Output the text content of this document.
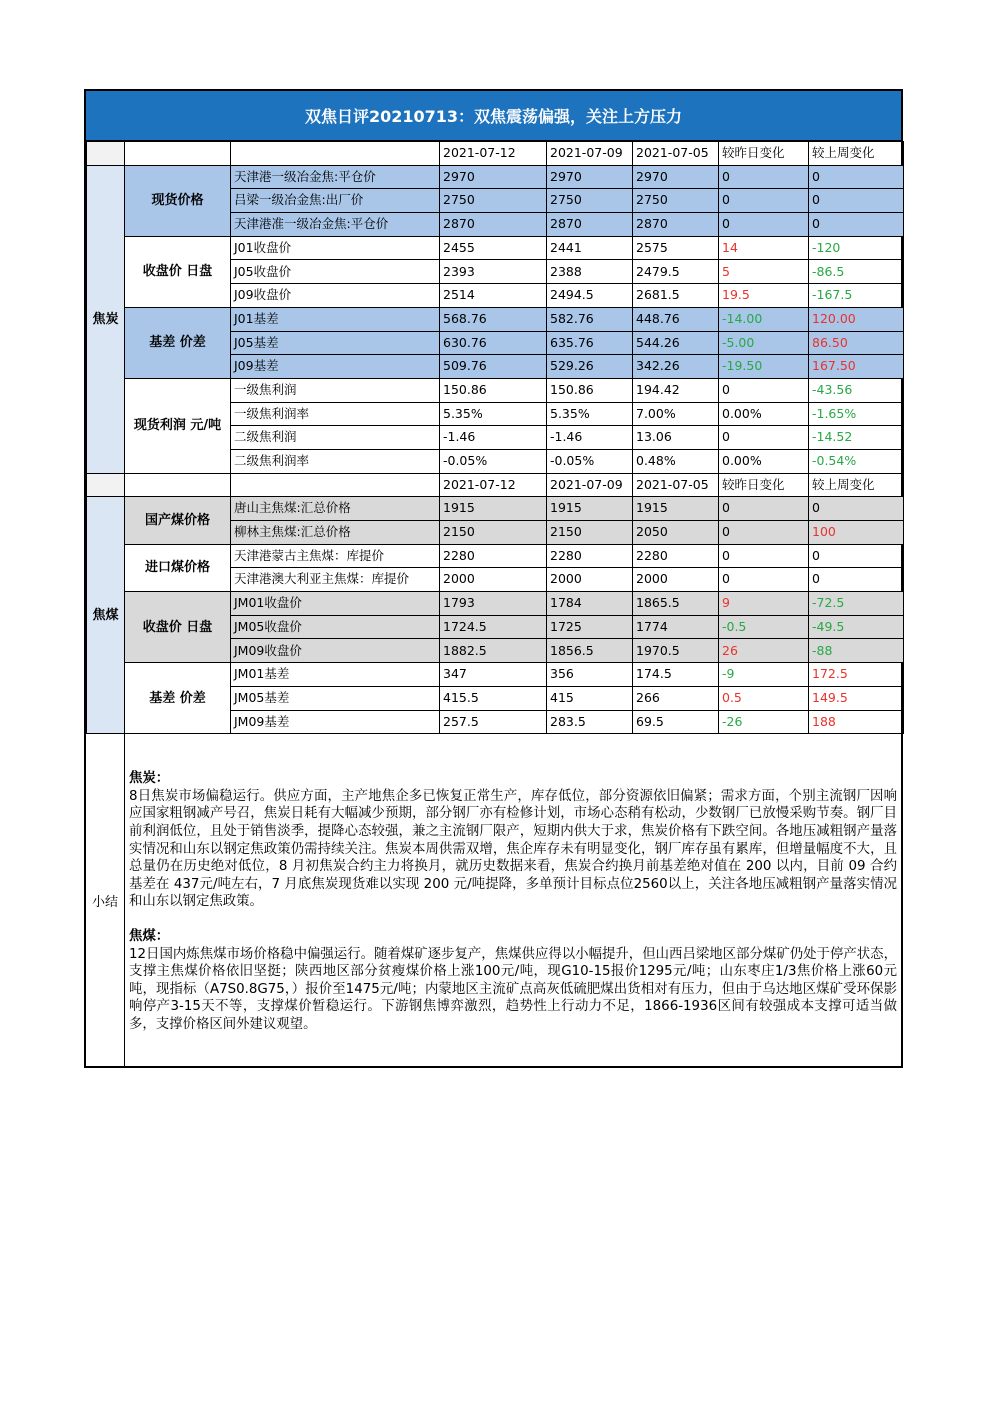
双焦日评20210713：双焦震荡偏强，关注上方压力
			2021-07-12	2021-07-09	2021-07-05	较昨日变化	较上周变化
焦炭	现货价格	天津港一级冶金焦:平仓价	2970	2970	2970	0	0
		吕梁一级冶金焦:出厂价	2750	2750	2750	0	0
		天津港准一级冶金焦:平仓价	2870	2870	2870	0	0
	收盘价 日盘	J01收盘价	2455	2441	2575	14	-120
		J05收盘价	2393	2388	2479.5	5	-86.5
		J09收盘价	2514	2494.5	2681.5	19.5	-167.5
	基差 价差	J01基差	568.76	582.76	448.76	-14.00	120.00
		J05基差	630.76	635.76	544.26	-5.00	86.50
		J09基差	509.76	529.26	342.26	-19.50	167.50
	现货利润 元/吨	一级焦利润	150.86	150.86	194.42	0	-43.56
		一级焦利润率	5.35%	5.35%	7.00%	0.00%	-1.65%
		二级焦利润	-1.46	-1.46	13.06	0	-14.52
		二级焦利润率	-0.05%	-0.05%	0.48%	0.00%	-0.54%
			2021-07-12	2021-07-09	2021-07-05	较昨日变化	较上周变化
焦煤	国产煤价格	唐山主焦煤:汇总价格	1915	1915	1915	0	0
		柳林主焦煤:汇总价格	2150	2150	2050	0	100
	进口煤价格	天津港蒙古主焦煤：库提价	2280	2280	2280	0	0
		天津港澳大利亚主焦煤：库提价	2000	2000	2000	0	0
	收盘价 日盘	JM01收盘价	1793	1784	1865.5	9	-72.5
		JM05收盘价	1724.5	1725	1774	-0.5	-49.5
		JM09收盘价	1882.5	1856.5	1970.5	26	-88
	基差 价差	JM01基差	347	356	174.5	-9	172.5
		JM05基差	415.5	415	266	0.5	149.5
		JM09基差	257.5	283.5	69.5	-26	188
小结
焦炭：
8日焦炭市场偏稳运行。供应方面，主产地焦企多已恢复正常生产，库存低位，部分资源依旧偏紧；需求方面，个别主流钢厂因响应国家粗钢减产号召，焦炭日耗有大幅减少预期，部分钢厂亦有检修计划，市场心态稍有松动，少数钢厂已放慢采购节奏。钢厂目前利润低位，且处于销售淡季，提降心态较强，兼之主流钢厂限产，短期内供大于求，焦炭价格有下跌空间。各地压减粗钢产量落实情况和山东以钢定焦政策仍需持续关注。焦炭本周供需双增，焦企库存未有明显变化，钢厂库存虽有累库，但增量幅度不大，且总量仍在历史绝对低位，8 月初焦炭合约主力将换月，就历史数据来看，焦炭合约换月前基差绝对值在 200 以内，目前 09 合约基差在 437元/吨左右，7 月底焦炭现货难以实现 200 元/吨提降，多单预计目标点位2560以上，关注各地压减粗钢产量落实情况和山东以钢定焦政策。
焦煤：
12日国内炼焦煤市场价格稳中偏强运行。随着煤矿逐步复产，焦煤供应得以小幅提升，但山西吕梁地区部分煤矿仍处于停产状态，支撑主焦煤价格依旧坚挺；陕西地区部分贫瘦煤价格上涨100元/吨，现G10-15报价1295元/吨；山东枣庄1/3焦价格上涨60元吨，现指标（A7S0.8G75，）报价至1475元/吨；内蒙地区主流矿点高灰低硫肥煤出货相对有压力，但由于乌达地区煤矿受环保影响停产3-15天不等，支撑煤价暂稳运行。下游钢焦博弈激烈，趋势性上行动力不足，1866-1936区间有较强成本支撑可适当做多，支撑价格区间外建议观望。
